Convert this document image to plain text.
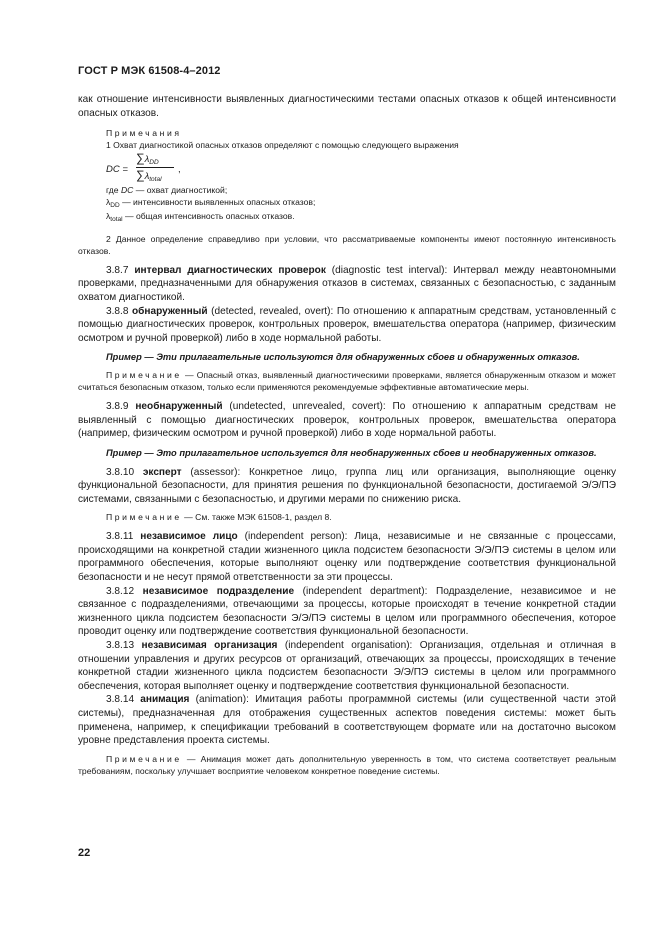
ГОСТ Р МЭК 61508-4–2012

как отношение интенсивности выявленных диагностическими тестами опасных отказов к общей интенсивности опасных отказов.

Примечания
1 Охват диагностикой опасных отказов определяют с помощью следующего выражения
DC =
$\sum\lambda_{DD}$
$\sum\lambda_{total}$
,
где DC — охват диагностикой;
$\lambda_{DD}$ — интенсивности выявленных опасных отказов;
$\lambda_{total}$ — общая интенсивность опасных отказов.
2 Данное определение справедливо при условии, что рассматриваемые компоненты имеют постоянную интенсивность отказов.

3.8.7 интервал диагностических проверок (diagnostic test interval): Интервал между неавтономными проверками, предназначенными для обнаружения отказов в системах, связанных с безопасностью, с заданным охватом диагностикой.

3.8.8 обнаруженный (detected, revealed, overt): По отношению к аппаратным средствам, установленный с помощью диагностических проверок, контрольных проверок, вмешательства оператора (например, физическим осмотром и ручной проверкой) либо в ходе нормальной работы.

Пример — Эти прилагательные используются для обнаруженных сбоев и обнаруженных отказов.
Примечание — Опасный отказ, выявленный диагностическими проверками, является обнаруженным отказом и может считаться безопасным отказом, только если применяются рекомендуемые эффективные автоматические меры.

3.8.9 необнаруженный (undetected, unrevealed, covert): По отношению к аппаратным средствам не выявленный с помощью диагностических проверок, контрольных проверок, вмешательства оператора (например, физическим осмотром и ручной проверкой) либо в ходе нормальной работы.

Пример — Это прилагательное используется для необнаруженных сбоев и необнаруженных отказов.

3.8.10 эксперт (assessor): Конкретное лицо, группа лиц или организация, выполняющие оценку функциональной безопасности, для принятия решения по функциональной безопасности, достигаемой Э/Э/ПЭ системами, связанными с безопасностью, и другими мерами по снижению риска.

Примечание — См. также МЭК 61508-1, раздел 8.

3.8.11 независимое лицо (independent person): Лица, независимые и не связанные с процессами, происходящими на конкретной стадии жизненного цикла подсистем безопасности Э/Э/ПЭ системы в целом или программного обеспечения, которые выполняют оценку или подтверждение соответствия функциональной безопасности и не несут прямой ответственности за эти процессы.

3.8.12 независимое подразделение (independent department): Подразделение, независимое и не связанное с подразделениями, отвечающими за процессы, которые происходят в течение конкретной стадии жизненного цикла подсистем безопасности Э/Э/ПЭ системы в целом или программного обеспечения, которое проводит оценку или подтверждение соответствия функциональной безопасности.

3.8.13 независимая организация (independent organisation): Организация, отдельная и отличная в отношении управления и других ресурсов от организаций, отвечающих за процессы, происходящих в течение конкретной стадии жизненного цикла подсистем безопасности Э/Э/ПЭ системы в целом или программного обеспечения, которая выполняет оценку и подтверждение соответствия функциональной безопасности.

3.8.14 анимация (animation): Имитация работы программной системы (или существенной части этой системы), предназначенная для отображения существенных аспектов поведения системы: может быть применена, например, к спецификации требований в соответствующем формате или на достаточно высоком уровне представления проекта системы.

Примечание — Анимация может дать дополнительную уверенность в том, что система соответствует реальным требованиям, поскольку улучшает восприятие человеком конкретное поведение системы.
22
